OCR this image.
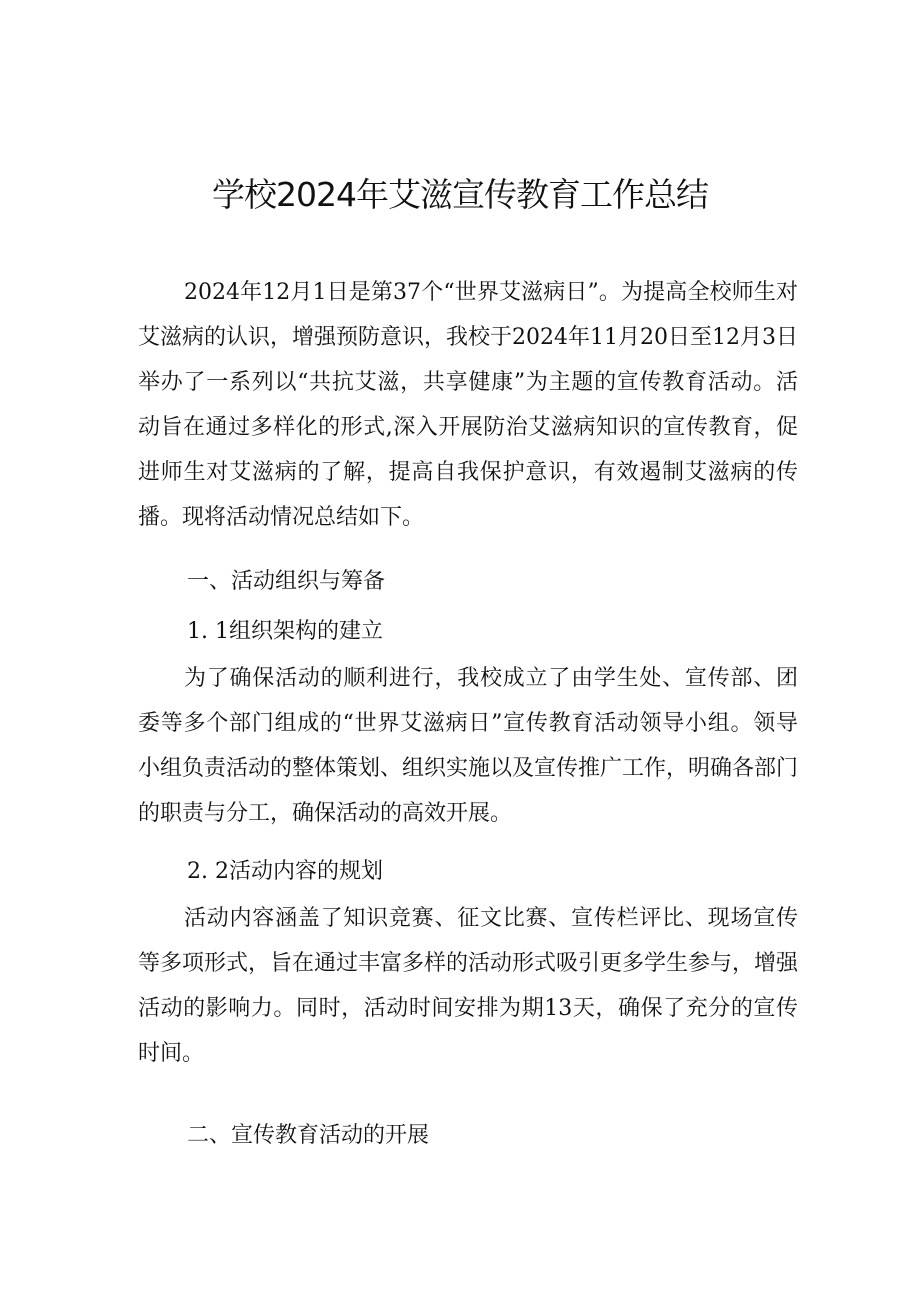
学校2024年艾滋宣传教育工作总结
2024年12月1日是第37个“世界艾滋病日”。为提高全校师生对艾滋病的认识，增强预防意识，我校于2024年11月20日至12月3日举办了一系列以“共抗艾滋，共享健康”为主题的宣传教育活动。活动旨在通过多样化的形式,深入开展防治艾滋病知识的宣传教育，促进师生对艾滋病的了解，提高自我保护意识，有效遏制艾滋病的传播。现将活动情况总结如下。
一、活动组织与筹备
1. 1组织架构的建立
为了确保活动的顺利进行，我校成立了由学生处、宣传部、团委等多个部门组成的“世界艾滋病日”宣传教育活动领导小组。领导小组负责活动的整体策划、组织实施以及宣传推广工作，明确各部门的职责与分工，确保活动的高效开展。
2. 2活动内容的规划
活动内容涵盖了知识竞赛、征文比赛、宣传栏评比、现场宣传等多项形式，旨在通过丰富多样的活动形式吸引更多学生参与，增强活动的影响力。同时，活动时间安排为期13天，确保了充分的宣传时间。
二、宣传教育活动的开展
